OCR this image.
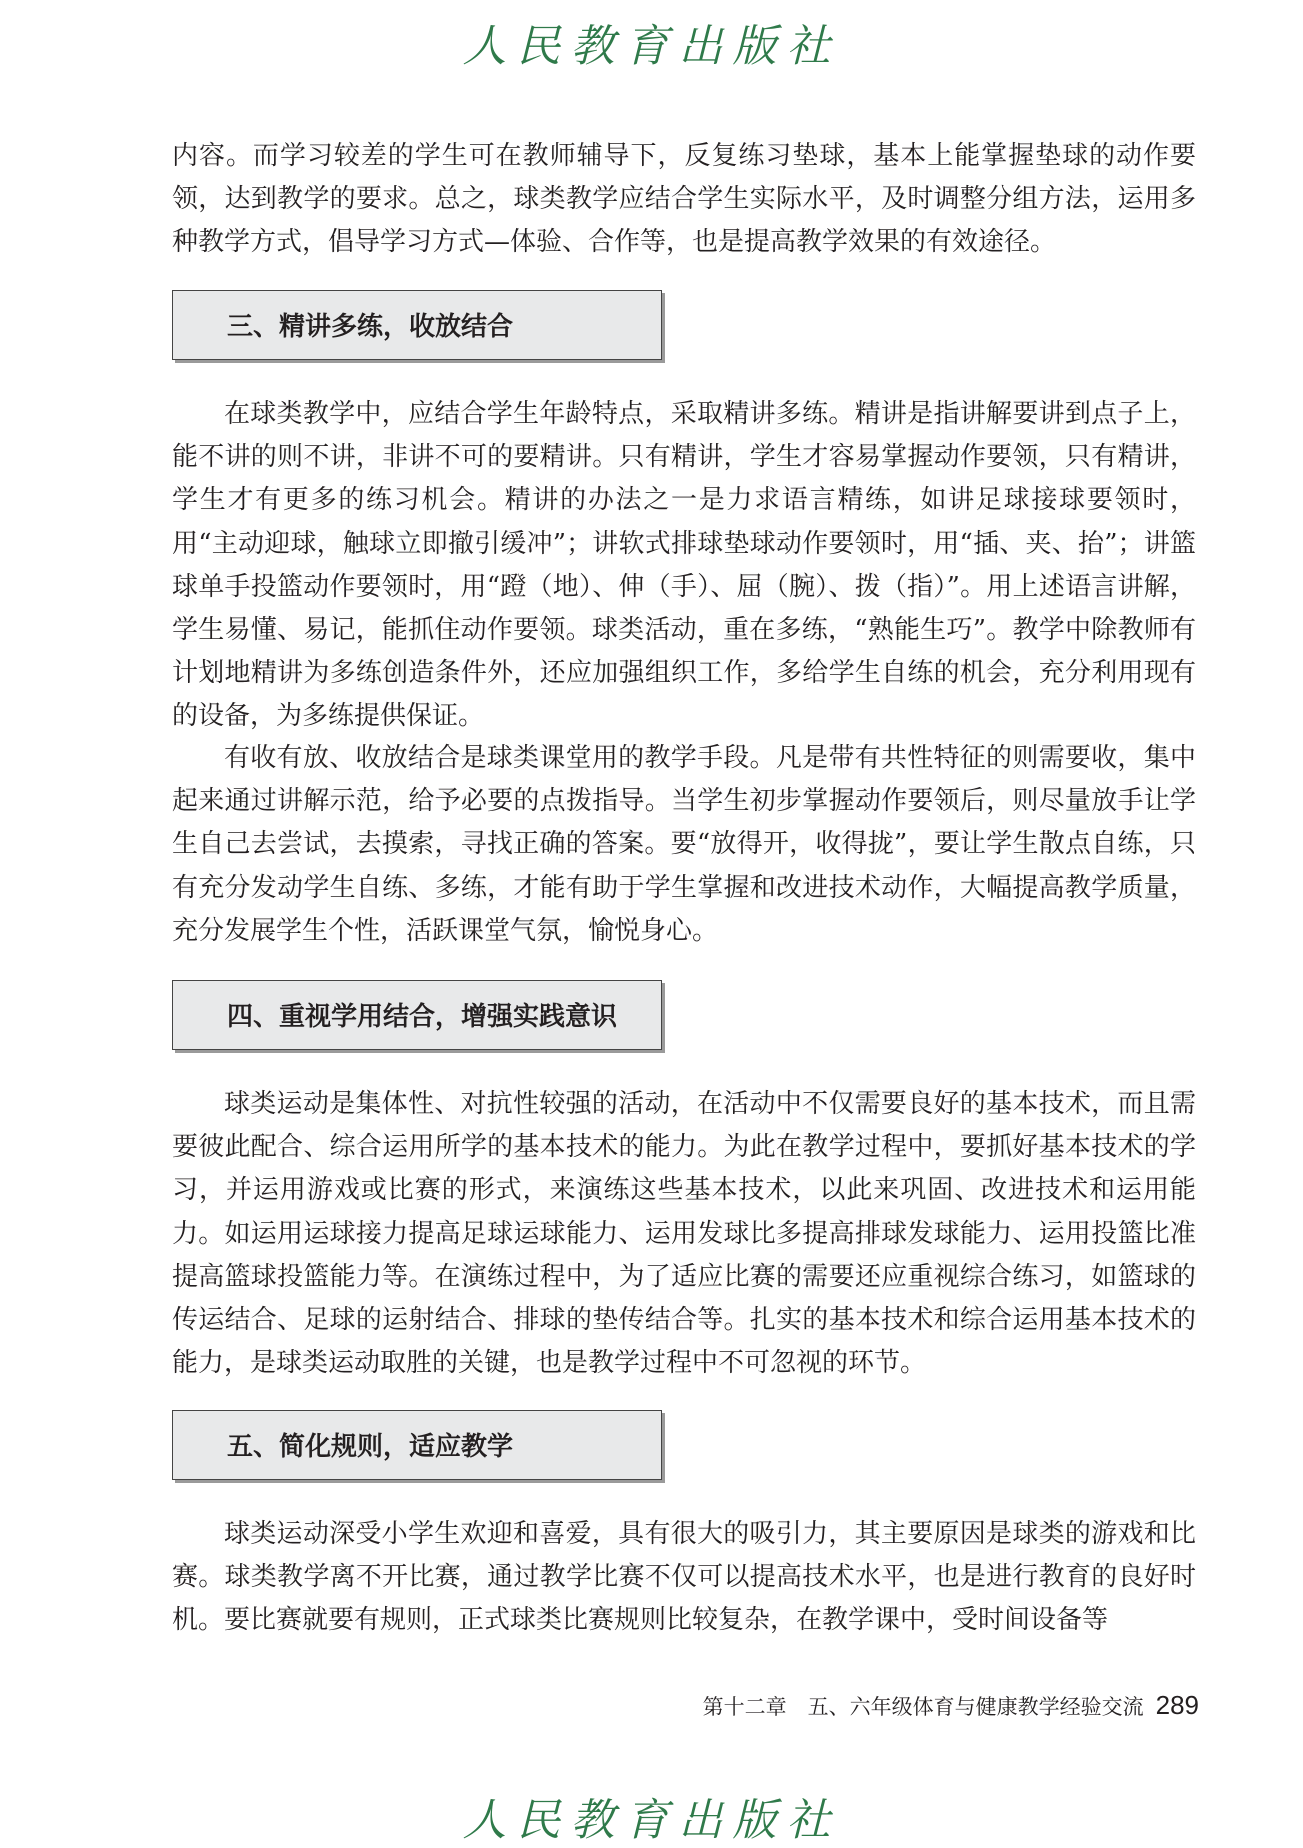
人民教育出版社

内容。而学习较差的学生可在教师辅导下，反复练习垫球，基本上能掌握垫球的动作要领，达到教学的要求。总之，球类教学应结合学生实际水平，及时调整分组方法，运用多种教学方式，倡导学习方式—体验、合作等，也是提高教学效果的有效途径。

三、精讲多练，收放结合

在球类教学中，应结合学生年龄特点，采取精讲多练。精讲是指讲解要讲到点子上，能不讲的则不讲，非讲不可的要精讲。只有精讲，学生才容易掌握动作要领，只有精讲，学生才有更多的练习机会。精讲的办法之一是力求语言精练，如讲足球接球要领时，用“主动迎球，触球立即撤引缓冲”；讲软式排球垫球动作要领时，用“插、夹、抬”；讲篮球单手投篮动作要领时，用“蹬（地）、伸（手）、屈（腕）、拨（指）”。用上述语言讲解，学生易懂、易记，能抓住动作要领。球类活动，重在多练，“熟能生巧”。教学中除教师有计划地精讲为多练创造条件外，还应加强组织工作，多给学生自练的机会，充分利用现有的设备，为多练提供保证。

有收有放、收放结合是球类课堂用的教学手段。凡是带有共性特征的则需要收，集中起来通过讲解示范，给予必要的点拨指导。当学生初步掌握动作要领后，则尽量放手让学生自己去尝试，去摸索，寻找正确的答案。要“放得开，收得拢”，要让学生散点自练，只有充分发动学生自练、多练，才能有助于学生掌握和改进技术动作，大幅提高教学质量，充分发展学生个性，活跃课堂气氛，愉悦身心。

四、重视学用结合，增强实践意识

球类运动是集体性、对抗性较强的活动，在活动中不仅需要良好的基本技术，而且需要彼此配合、综合运用所学的基本技术的能力。为此在教学过程中，要抓好基本技术的学习，并运用游戏或比赛的形式，来演练这些基本技术，以此来巩固、改进技术和运用能力。如运用运球接力提高足球运球能力、运用发球比多提高排球发球能力、运用投篮比准提高篮球投篮能力等。在演练过程中，为了适应比赛的需要还应重视综合练习，如篮球的传运结合、足球的运射结合、排球的垫传结合等。扎实的基本技术和综合运用基本技术的能力，是球类运动取胜的关键，也是教学过程中不可忽视的环节。

五、简化规则，适应教学

球类运动深受小学生欢迎和喜爱，具有很大的吸引力，其主要原因是球类的游戏和比赛。球类教学离不开比赛，通过教学比赛不仅可以提高技术水平，也是进行教育的良好时机。要比赛就要有规则，正式球类比赛规则比较复杂，在教学课中，受时间设备等

第十二章　五、六年级体育与健康教学经验交流 289
人民教育出版社
